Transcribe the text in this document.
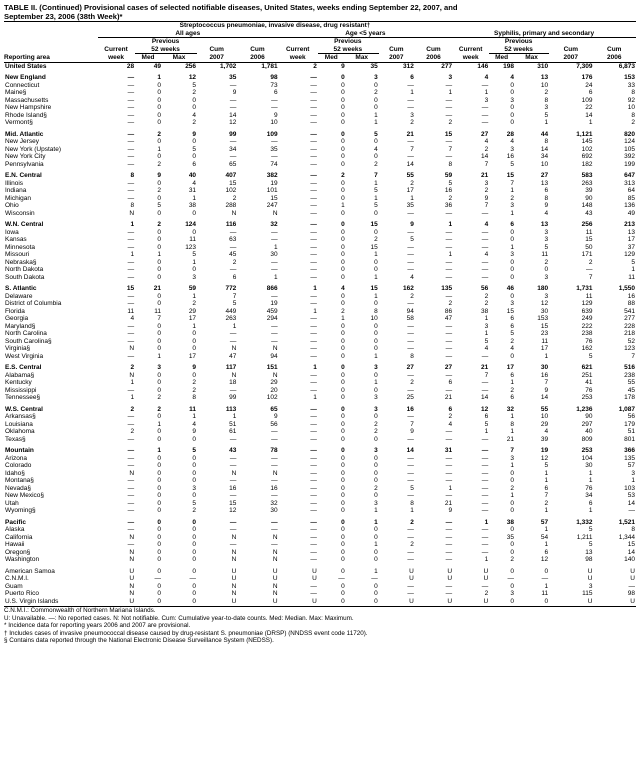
TABLE II. (Continued) Provisional cases of selected notifiable diseases, United States, weeks ending September 22, 2007, and
September 23, 2006 (38th Week)*
	Streptococcus pneumoniae, invasive disease, drug resistant†														
	All ages					Age <5 years					Syphilis, primary and secondary				
		Previous					Previous					Previous			
	Current	52 weeks		Cum	Cum	Current	52 weeks		Cum	Cum	Current	52 weeks		Cum	Cum
Reporting area	week	Med	Max	2007	2006	week	Med	Max	2007	2006	week	Med	Max	2007	2006
United States	28	49	256	1,702	1,781	2	9	35	312	277	146	198	310	7,309	6,873

New England	—	1	12	35	98	—	0	3	6	3	4	4	13	176	153
Connecticut	—	0	5	—	73	—	0	0	—	—	—	0	10	24	33
Maine§	—	0	2	9	6	—	0	2	1	1	1	0	2	6	8
Massachusetts	—	0	0	—	—	—	0	0	—	—	3	3	8	109	92
New Hampshire	—	0	0	—	—	—	0	0	—	—	—	0	3	22	10
Rhode Island§	—	0	4	14	9	—	0	1	3	—	—	0	5	14	8
Vermont§	—	0	2	12	10	—	0	1	2	2	—	0	1	1	2

Mid. Atlantic	—	2	9	99	109	—	0	5	21	15	27	28	44	1,121	820
New Jersey	—	0	0	—	—	—	0	0	—	—	4	4	8	145	124
New York (Upstate)	—	1	5	34	35	—	0	4	7	7	2	3	14	102	105
New York City	—	0	0	—	—	—	0	0	—	—	14	16	34	692	392
Pennsylvania	—	2	6	65	74	—	0	2	14	8	7	5	10	182	199

E.N. Central	8	9	40	407	382	—	2	7	55	59	21	15	27	583	647
Illinois	—	0	4	15	19	—	0	1	2	5	3	7	13	263	313
Indiana	—	2	31	102	101	—	0	5	17	16	2	1	6	39	64
Michigan	—	0	1	2	15	—	0	1	1	2	9	2	8	90	85
Ohio	8	5	38	288	247	—	1	5	35	36	7	3	9	148	136
Wisconsin	N	0	0	N	N	—	0	0	—	—	—	1	4	43	49

W.N. Central	1	2	124	116	32	—	0	15	9	1	4	6	13	256	213
Iowa	—	0	0	—	—	—	0	0	—	—	—	0	3	11	13
Kansas	—	0	11	63	—	—	0	2	5	—	—	0	3	15	17
Minnesota	—	0	123	—	1	—	0	15	—	—	—	1	5	50	37
Missouri	1	1	5	45	30	—	0	1	—	1	4	3	11	171	129
Nebraska§	—	0	1	2	—	—	0	0	—	—	—	0	2	2	5
North Dakota	—	0	0	—	—	—	0	0	—	—	—	0	0	—	1
South Dakota	—	0	3	6	1	—	0	1	4	—	—	0	3	7	11

S. Atlantic	15	21	59	772	866	1	4	15	162	135	56	46	180	1,731	1,550
Delaware	—	0	1	7	—	—	0	1	2	—	2	0	3	11	16
District of Columbia	—	0	2	5	19	—	0	0	—	2	2	3	12	129	88
Florida	11	11	29	449	459	1	2	8	94	86	38	15	30	639	541
Georgia	4	7	17	263	294	—	1	10	58	47	1	6	153	249	277
Maryland§	—	0	1	1	—	—	0	0	—	—	3	6	15	222	228
North Carolina	—	0	0	—	—	—	0	0	—	—	1	5	23	238	218
South Carolina§	—	0	0	—	—	—	0	0	—	—	5	2	11	76	52
Virginia§	N	0	0	N	N	—	0	0	—	—	4	4	17	162	123
West Virginia	—	1	17	47	94	—	0	1	8	—	—	0	1	5	7

E.S. Central	2	3	9	117	151	1	0	3	27	27	21	17	30	621	516
Alabama§	N	0	0	N	N	—	0	0	—	—	7	6	16	251	238
Kentucky	1	0	2	18	29	—	0	1	2	6	—	1	7	41	55
Mississippi	—	0	2	—	20	—	0	0	—	—	—	2	9	76	45
Tennessee§	1	2	8	99	102	1	0	3	25	21	14	6	14	253	178

W.S. Central	2	2	11	113	65	—	0	3	16	6	12	32	55	1,236	1,087
Arkansas§	—	0	1	1	9	—	0	0	—	2	6	1	10	90	56
Louisiana	—	1	4	51	56	—	0	2	7	4	5	8	29	297	179
Oklahoma	2	0	9	61	—	—	0	2	9	—	1	1	4	40	51
Texas§	—	0	0	—	—	—	0	0	—	—	—	21	39	809	801

Mountain	—	1	5	43	78	—	0	3	14	31	—	7	19	253	366
Arizona	—	0	0	—	—	—	0	0	—	—	—	3	12	104	135
Colorado	—	0	0	—	—	—	0	0	—	—	—	1	5	30	57
Idaho§	N	0	0	N	N	—	0	0	—	—	—	0	1	1	3
Montana§	—	0	0	—	—	—	0	0	—	—	—	0	1	1	1
Nevada§	—	0	3	16	16	—	0	2	5	1	—	2	6	76	103
New Mexico§	—	0	0	—	—	—	0	0	—	—	—	1	7	34	53
Utah	—	0	5	15	32	—	0	3	8	21	—	0	2	6	14
Wyoming§	—	0	2	12	30	—	0	1	1	9	—	0	1	1	—

Pacific	—	0	0	—	—	—	0	1	2	—	1	38	57	1,332	1,521
Alaska	—	0	0	—	—	—	0	0	—	—	—	0	1	5	8
California	N	0	0	N	N	—	0	0	—	—	—	35	54	1,211	1,344
Hawaii	—	0	0	—	—	—	0	1	2	—	—	0	1	5	15
Oregon§	N	0	0	N	N	—	0	0	—	—	—	0	6	13	14
Washington	N	0	0	N	N	—	0	0	—	—	1	2	12	98	140

American Samoa	U	0	0	U	U	U	0	1	U	U	U	0	0	U	U
C.N.M.I.	U	—	—	U	U	U	—	—	U	U	U	—	—	U	U
Guam	N	0	0	N	N	—	0	0	—	—	—	0	1	3	—
Puerto Rico	N	0	0	N	N	—	0	0	—	—	2	3	11	115	98
U.S. Virgin Islands	U	0	0	U	U	U	0	0	U	U	U	0	0	U	U
C.N.M.I.: Commonwealth of Northern Mariana Islands.
U: Unavailable. —: No reported cases. N: Not notifiable. Cum: Cumulative year-to-date counts. Med: Median. Max: Maximum.
* Incidence data for reporting years 2006 and 2007 are provisional.
† Includes cases of invasive pneumococcal disease caused by drug-resistant S. pneumoniae (DRSP) (NNDSS event code 11720).
§ Contains data reported through the National Electronic Disease Surveillance System (NEDSS).
